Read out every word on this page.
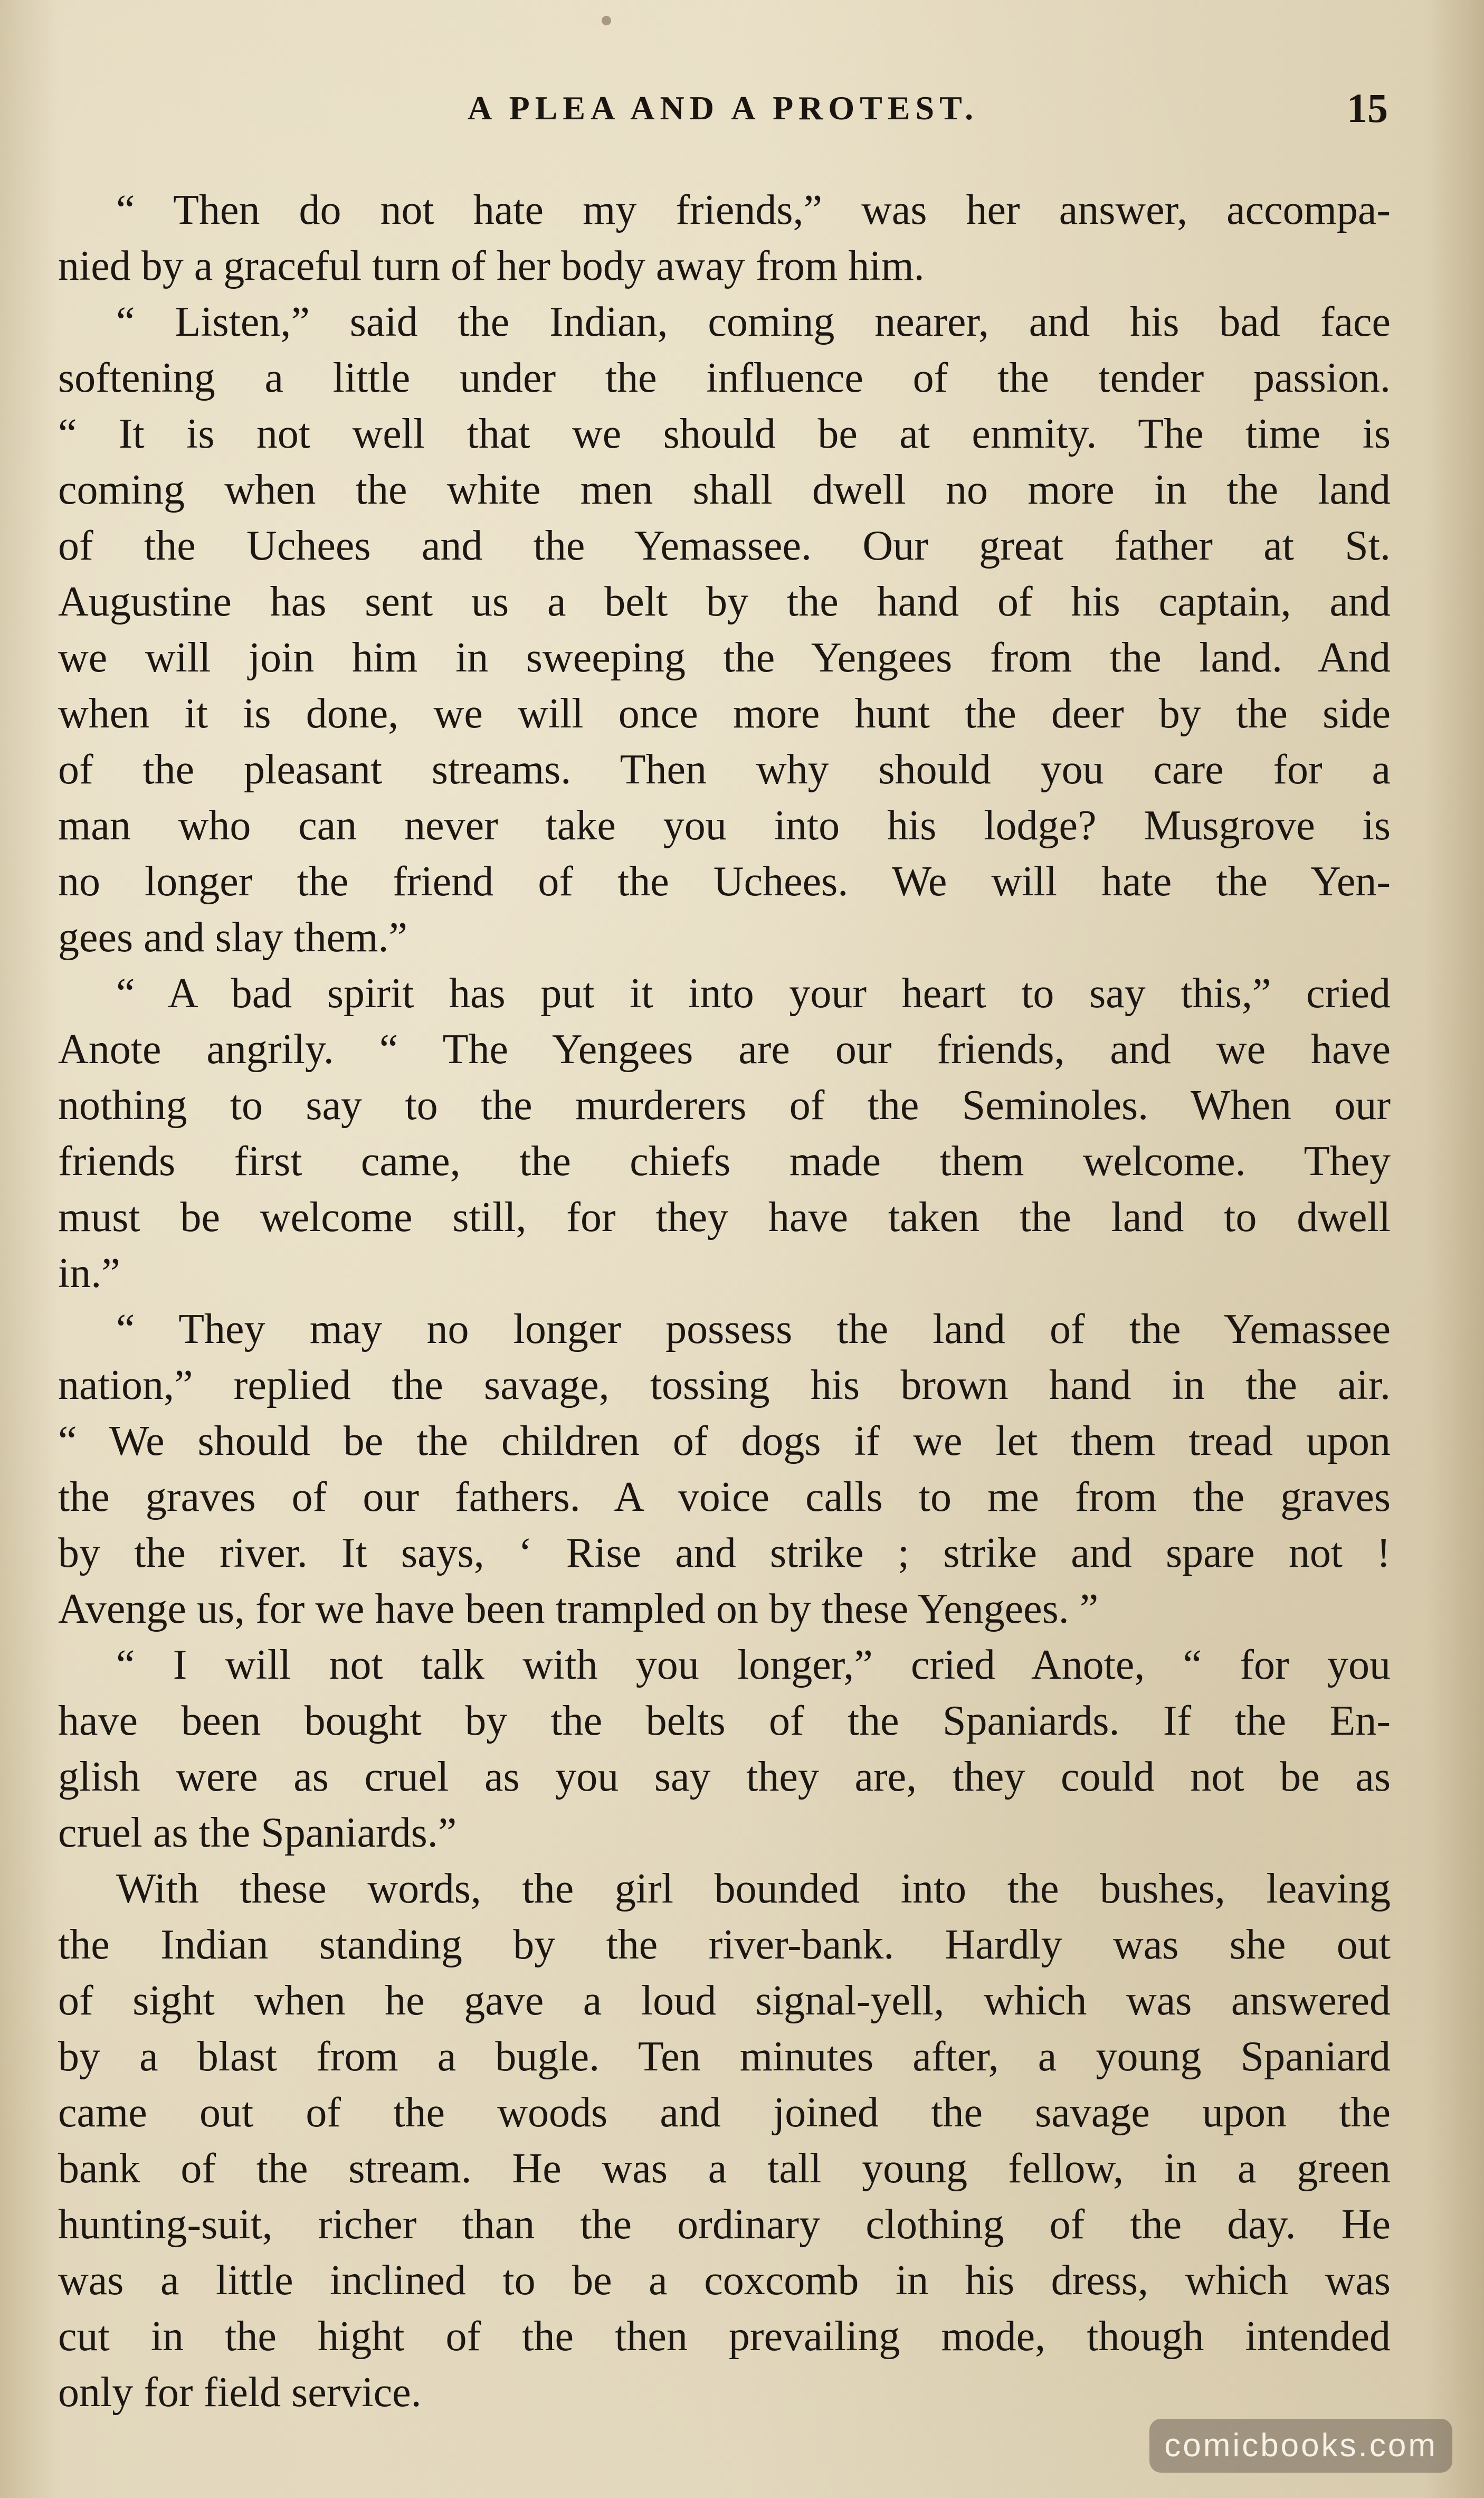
A PLEA AND A PROTEST.	15
“ Then do not hate my friends,” was her answer, accompa-
nied by a graceful turn of her body away from him.
“ Listen,” said the Indian, coming nearer, and his bad face
softening a little under the influence of the tender passion.
“ It is not well that we should be at enmity. The time is
coming when the white men shall dwell no more in the land
of the Uchees and the Yemassee. Our great father at St.
Augustine has sent us a belt by the hand of his captain, and
we will join him in sweeping the Yengees from the land. And
when it is done, we will once more hunt the deer by the side
of the pleasant streams. Then why should you care for a
man who can never take you into his lodge? Musgrove is
no longer the friend of the Uchees. We will hate the Yen-
gees and slay them.”
“ A bad spirit has put it into your heart to say this,” cried
Anote angrily. “ The Yengees are our friends, and we have
nothing to say to the murderers of the Seminoles. When our
friends first came, the chiefs made them welcome. They
must be welcome still, for they have taken the land to dwell
in.”
“ They may no longer possess the land of the Yemassee
nation,” replied the savage, tossing his brown hand in the air.
“ We should be the children of dogs if we let them tread upon
the graves of our fathers. A voice calls to me from the graves
by the river. It says, ‘ Rise and strike ; strike and spare not !
Avenge us, for we have been trampled on by these Yengees. ”
“ I will not talk with you longer,” cried Anote, “ for you
have been bought by the belts of the Spaniards. If the En-
glish were as cruel as you say they are, they could not be as
cruel as the Spaniards.”
With these words, the girl bounded into the bushes, leaving
the Indian standing by the river-bank. Hardly was she out
of sight when he gave a loud signal-yell, which was answered
by a blast from a bugle. Ten minutes after, a young Spaniard
came out of the woods and joined the savage upon the
bank of the stream. He was a tall young fellow, in a green
hunting-suit, richer than the ordinary clothing of the day. He
was a little inclined to be a coxcomb in his dress, which was
cut in the hight of the then prevailing mode, though intended
only for field service.
comicbooks.com
